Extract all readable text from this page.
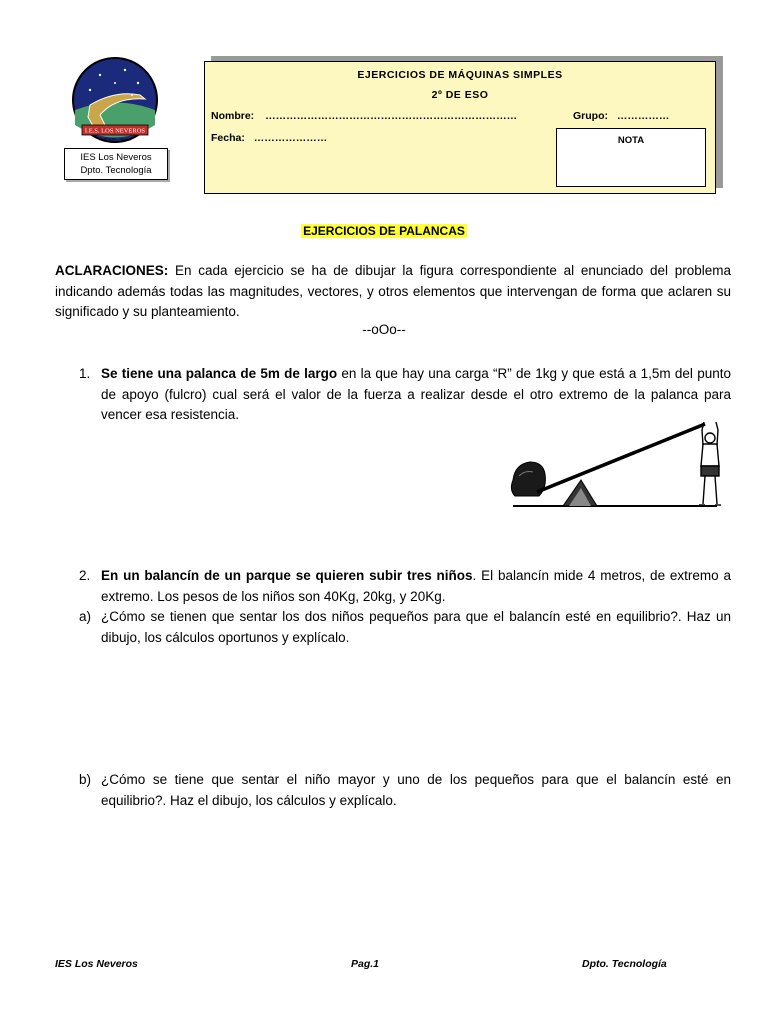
I.E.S. LOS NEVEROS
HUÉTOR - VEGA
IES Los Neveros
Dpto. Tecnología
EJERCICIOS DE MÁQUINAS SIMPLES
2º DE ESO
Nombre: ………………………………………………………………	Grupo: ……………
Fecha: …………………	NOTA
EJERCICIOS DE PALANCAS
ACLARACIONES: En cada ejercicio se ha de dibujar la figura correspondiente al enunciado del problema indicando además todas las magnitudes, vectores, y otros elementos que intervengan de forma que aclaren su significado y su planteamiento.
--oOo--
1. Se tiene una palanca de 5m de largo en la que hay una carga “R” de 1kg y que está a 1,5m del punto de apoyo (fulcro) cual será el valor de la fuerza a realizar desde el otro extremo de la palanca para vencer esa resistencia.
2. En un balancín de un parque se quieren subir tres niños. El balancín mide 4 metros, de extremo a extremo. Los pesos de los niños son 40Kg, 20kg, y 20Kg.
a) ¿Cómo se tienen que sentar los dos niños pequeños para que el balancín esté en equilibrio?. Haz un dibujo, los cálculos oportunos y explícalo.
b) ¿Cómo se tiene que sentar el niño mayor y uno de los pequeños para que el balancín esté en equilibrio?. Haz el dibujo, los cálculos y explícalo.
IES Los Neveros	Pag.1	Dpto. Tecnología
